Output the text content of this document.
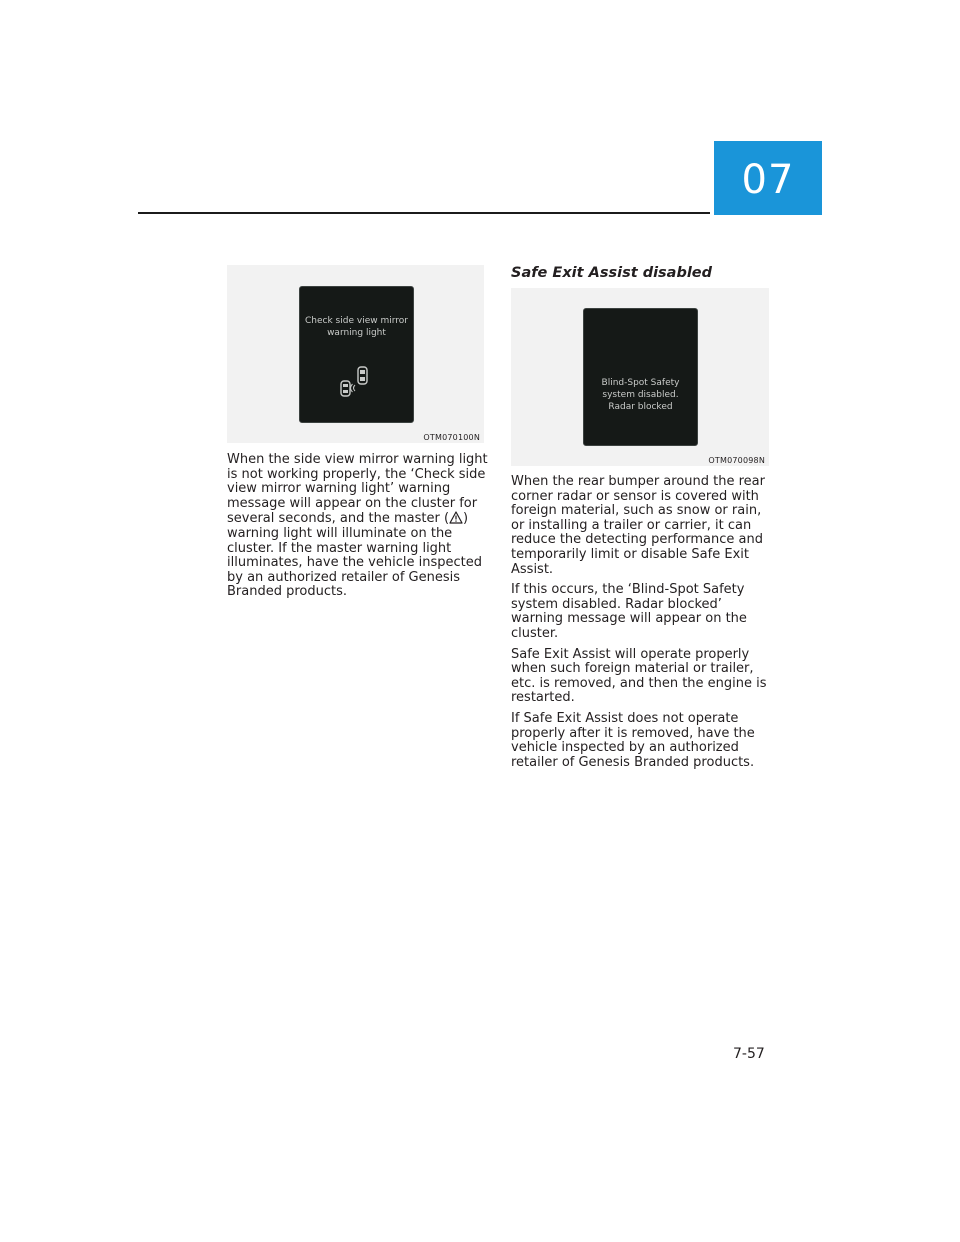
07
Check side view mirror
warning light
OTM070100N

When the side view mirror warning light is not working properly, the ‘Check side view mirror warning light’ warning message will appear on the cluster for several seconds, and the master ( ) warning light will illuminate on the cluster. If the master warning light illuminates, have the vehicle inspected by an authorized retailer of Genesis Branded products.

Safe Exit Assist disabled
Blind-Spot Safety
system disabled.
Radar blocked
OTM070098N

When the rear bumper around the rear corner radar or sensor is covered with foreign material, such as snow or rain, or installing a trailer or carrier, it can reduce the detecting performance and temporarily limit or disable Safe Exit Assist.

If this occurs, the ‘Blind-Spot Safety system disabled. Radar blocked’ warning message will appear on the cluster.

Safe Exit Assist will operate properly when such foreign material or trailer, etc. is removed, and then the engine is restarted.

If Safe Exit Assist does not operate properly after it is removed, have the vehicle inspected by an authorized retailer of Genesis Branded products.

7-57
